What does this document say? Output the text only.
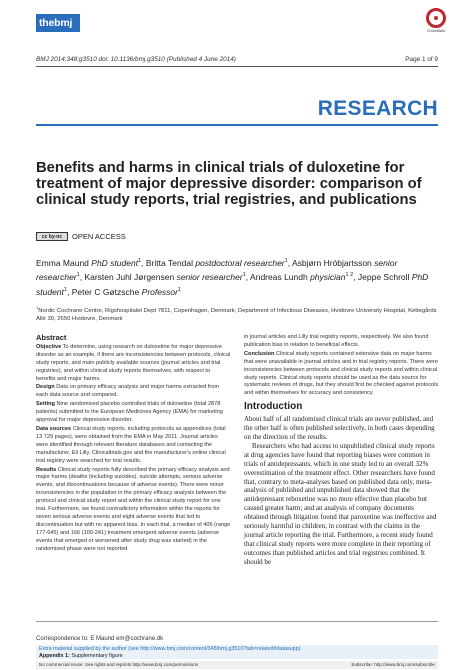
thebmj
CrossMark
BMJ 2014;348:g3510 doi: 10.1136/bmj.g3510 (Published 4 June 2014)	Page 1 of 9
RESEARCH
Benefits and harms in clinical trials of duloxetine for treatment of major depressive disorder: comparison of clinical study reports, trial registries, and publications
cc by-nc	OPEN ACCESS
Emma Maund PhD student$^1$, Britta Tendal postdoctoral researcher$^1$, Asbjørn Hróbjartsson senior researcher$^1$, Karsten Juhl Jørgensen senior researcher$^1$, Andreas Lundh physician$^{1 2}$, Jeppe Schroll PhD student$^1$, Peter C Gøtzsche Professor$^1$
$^1$Nordic Cochrane Centre, Rigshospitalet Dept 7811, Copenhagen, Denmark; Department of Infectious Diseases, Hvidovre University Hospital, Kettegårds Allé 30, 2650 Hvidovre, Denmark
Abstract
Objective To determine, using research on duloxetine for major depressive disorder as an example, if there are inconsistencies between protocols, clinical study reports, and main publicly available sources (journal articles and trial registries), and within clinical study reports themselves, with respect to benefits and major harms.
Design Data on primary efficacy analysis and major harms extracted from each data source and compared.
Setting Nine randomised placebo controlled trials of duloxetine (total 2878 patients) submitted to the European Medicines Agency (EMA) for marketing approval for major depressive disorder.
Data sources Clinical study reports, including protocols as appendices (total 13 729 pages), were obtained from the EMA in May 2011. Journal articles were identified through relevant literature databases and contacting the manufacturer, Eli Lilly. Clinicaltrials.gov and the manufacturer's online clinical trial registry were searched for trial results.
Results Clinical study reports fully described the primary efficacy analysis and major harms (deaths (including suicides), suicide attempts, serious adverse events, and discontinuations because of adverse events). There were minor inconsistencies in the population in the primary efficacy analysis between the protocol and clinical study report and within the clinical study report for one trial. Furthermore, we found contradictory information within the reports for seven serious adverse events and eight adverse events that led to discontinuation but with no apparent bias. In each trial, a median of 406 (range 177-645) and 166 (100-241) treatment emergent adverse events (adverse events that emerged or worsened after study drug was started) in the randomised phase were not reported
in journal articles and Lilly trial registry reports, respectively. We also found publication bias in relation to beneficial effects.
Conclusion Clinical study reports contained extensive data on major harms that were unavailable in journal articles and in trial registry reports. There were inconsistencies between protocols and clinical study reports and within clinical study reports. Clinical study reports should be used as the data source for systematic reviews of drugs, but they should first be checked against protocols and within themselves for accuracy and consistency.
Introduction

About half of all randomised clinical trials are never published, and the other half is often published selectively, in both cases depending on the direction of the results.

Researchers who had access to unpublished clinical study reports at drug agencies have found that reporting biases were common in trials of antidepressants, which in one study led to an overall 32% overestimation of the treatment effect. Other researchers have found that, contrary to meta-analyses based on published data only, meta-analysis of published and unpublished data showed that the antidepressant reboxetine was no more effective than placebo but caused greater harm; and an analysis of company documents obtained through litigation found that paroxetine was ineffective and seriously harmful in children, in contrast with the claims in the journal article reporting the trial. Furthermore, a recent study found that clinical study reports were more complete in their reporting of outcomes than published articles and trial registries combined. It should be

Correspondence to: E Maund em@cochrane.dk
Extra material supplied by the author (see http://www.bmj.com/content/348/bmj.g3510?tab=related#datasupp)
Appendix 1: Supplementary figure
No commercial reuse: See rights and reprints http://www.bmj.com/permissions	Subscribe: http://www.bmj.com/subscribe
